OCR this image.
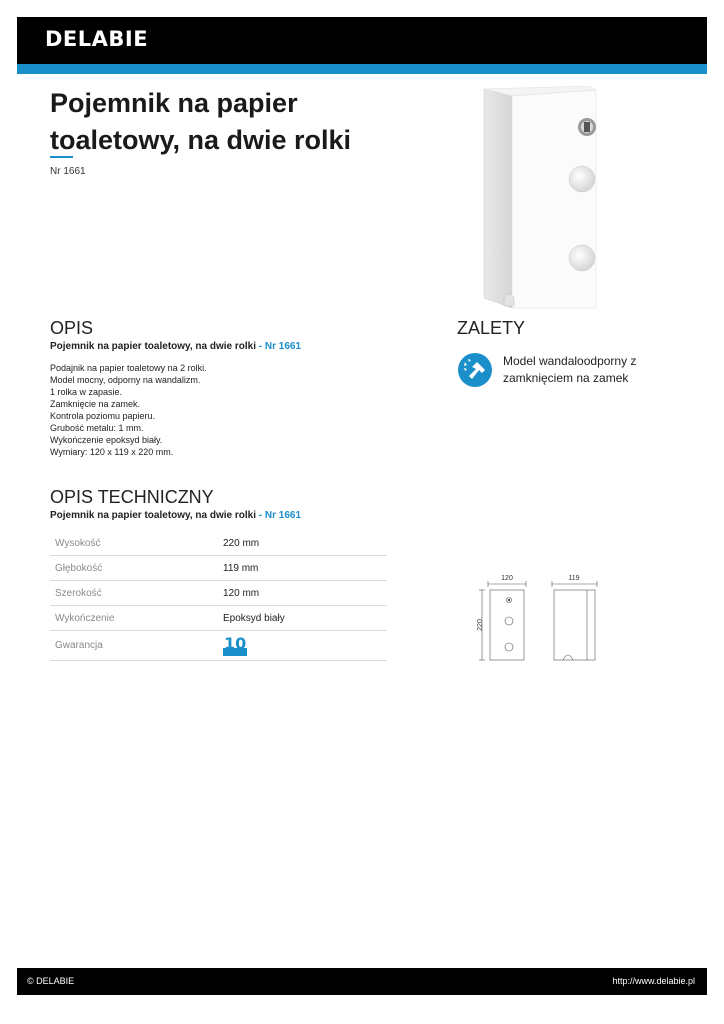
DELABIE
Pojemnik na papier toaletowy, na dwie rolki
Nr 1661
OPIS
Pojemnik na papier toaletowy, na dwie rolki - Nr 1661
Podajnik na papier toaletowy na 2 rolki.
Model mocny, odporny na wandalizm.
1 rolka w zapasie.
Zamknięcie na zamek.
Kontrola poziomu papieru.
Grubość metalu: 1 mm.
Wykończenie epoksyd biały.
Wymiary: 120 x 119 x 220 mm.
ZALETY
Model wandaloodporny z zamknięciem na zamek
OPIS TECHNICZNY
Pojemnik na papier toaletowy, na dwie rolki - Nr 1661
Wysokość	220 mm
Głębokość	119 mm
Szerokość	120 mm
Wykończenie	Epoksyd biały
Gwarancja	10
120	119
220
© DELABIE	http://www.delabie.pl
